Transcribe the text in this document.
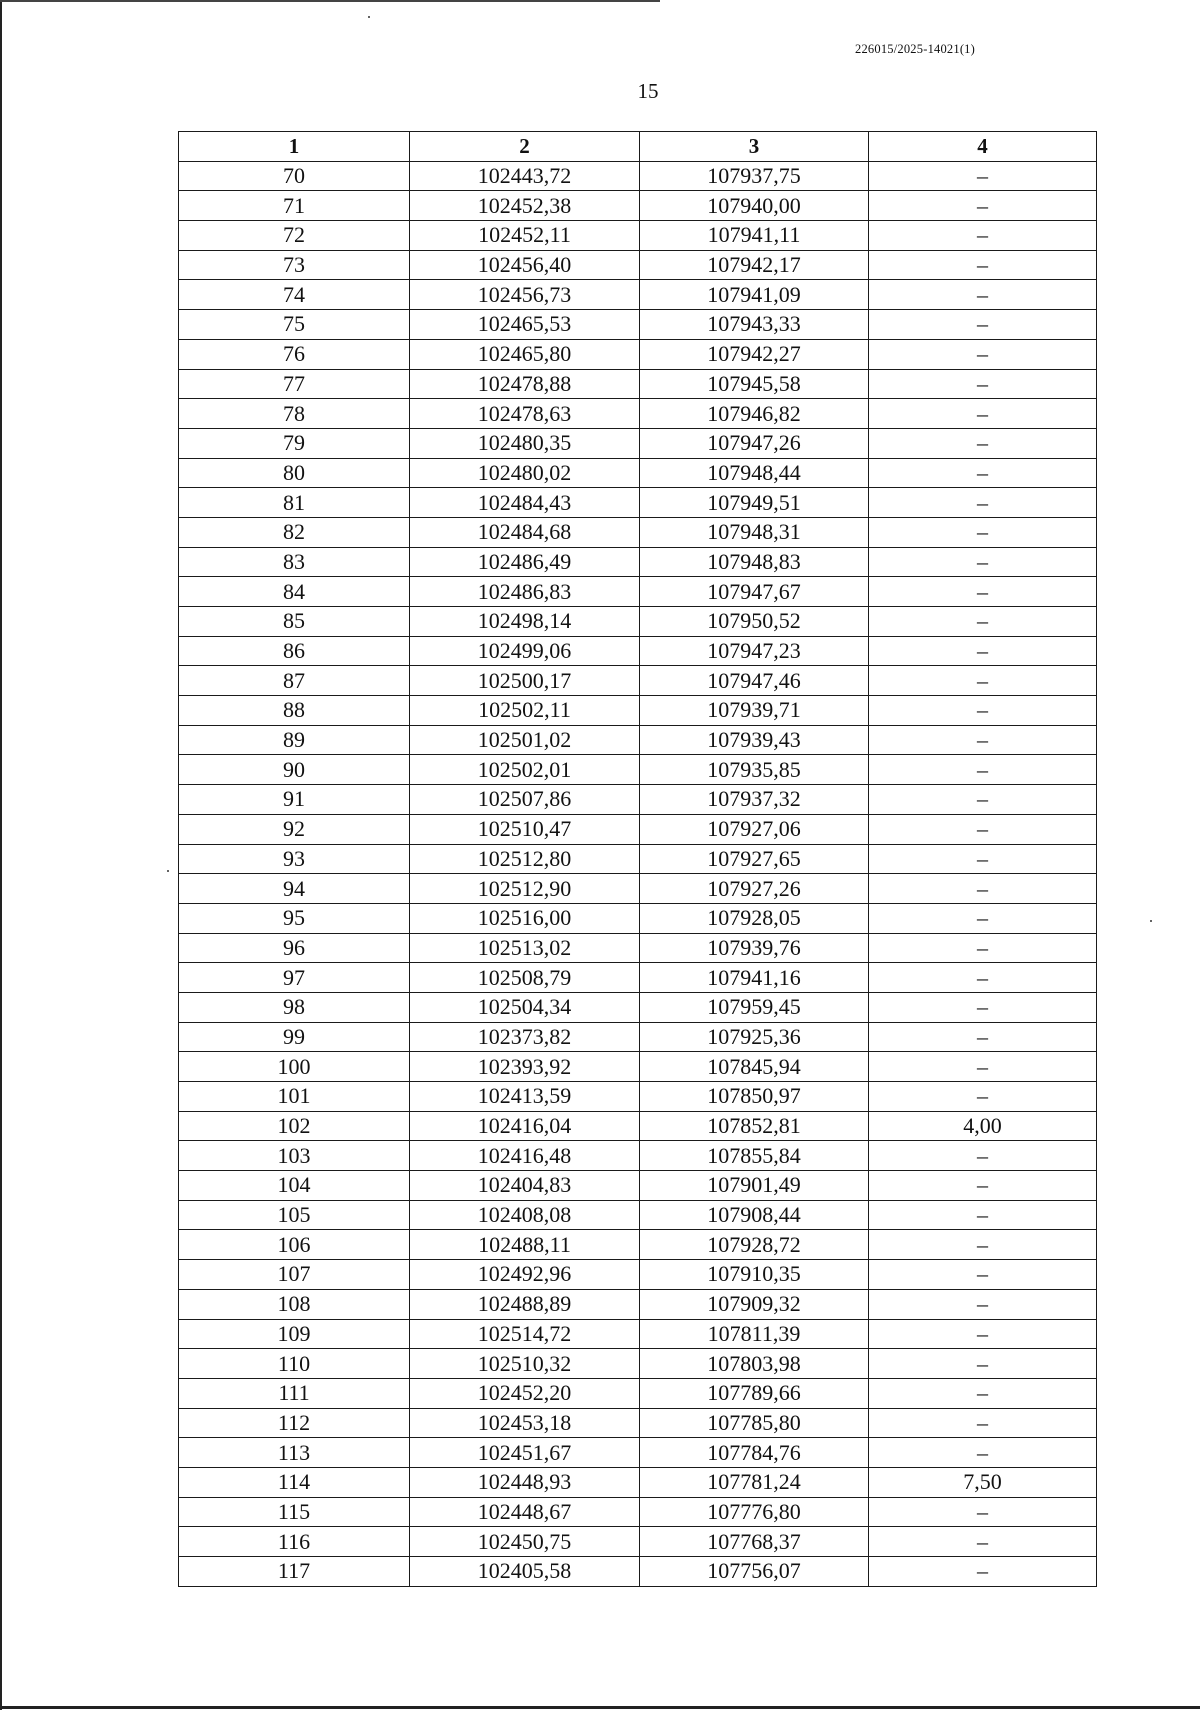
226015/2025-14021(1)
15
1	2	3	4
70	102443,72	107937,75	–
71	102452,38	107940,00	–
72	102452,11	107941,11	–
73	102456,40	107942,17	–
74	102456,73	107941,09	–
75	102465,53	107943,33	–
76	102465,80	107942,27	–
77	102478,88	107945,58	–
78	102478,63	107946,82	–
79	102480,35	107947,26	–
80	102480,02	107948,44	–
81	102484,43	107949,51	–
82	102484,68	107948,31	–
83	102486,49	107948,83	–
84	102486,83	107947,67	–
85	102498,14	107950,52	–
86	102499,06	107947,23	–
87	102500,17	107947,46	–
88	102502,11	107939,71	–
89	102501,02	107939,43	–
90	102502,01	107935,85	–
91	102507,86	107937,32	–
92	102510,47	107927,06	–
93	102512,80	107927,65	–
94	102512,90	107927,26	–
95	102516,00	107928,05	–
96	102513,02	107939,76	–
97	102508,79	107941,16	–
98	102504,34	107959,45	–
99	102373,82	107925,36	–
100	102393,92	107845,94	–
101	102413,59	107850,97	–
102	102416,04	107852,81	4,00
103	102416,48	107855,84	–
104	102404,83	107901,49	–
105	102408,08	107908,44	–
106	102488,11	107928,72	–
107	102492,96	107910,35	–
108	102488,89	107909,32	–
109	102514,72	107811,39	–
110	102510,32	107803,98	–
111	102452,20	107789,66	–
112	102453,18	107785,80	–
113	102451,67	107784,76	–
114	102448,93	107781,24	7,50
115	102448,67	107776,80	–
116	102450,75	107768,37	–
117	102405,58	107756,07	–
